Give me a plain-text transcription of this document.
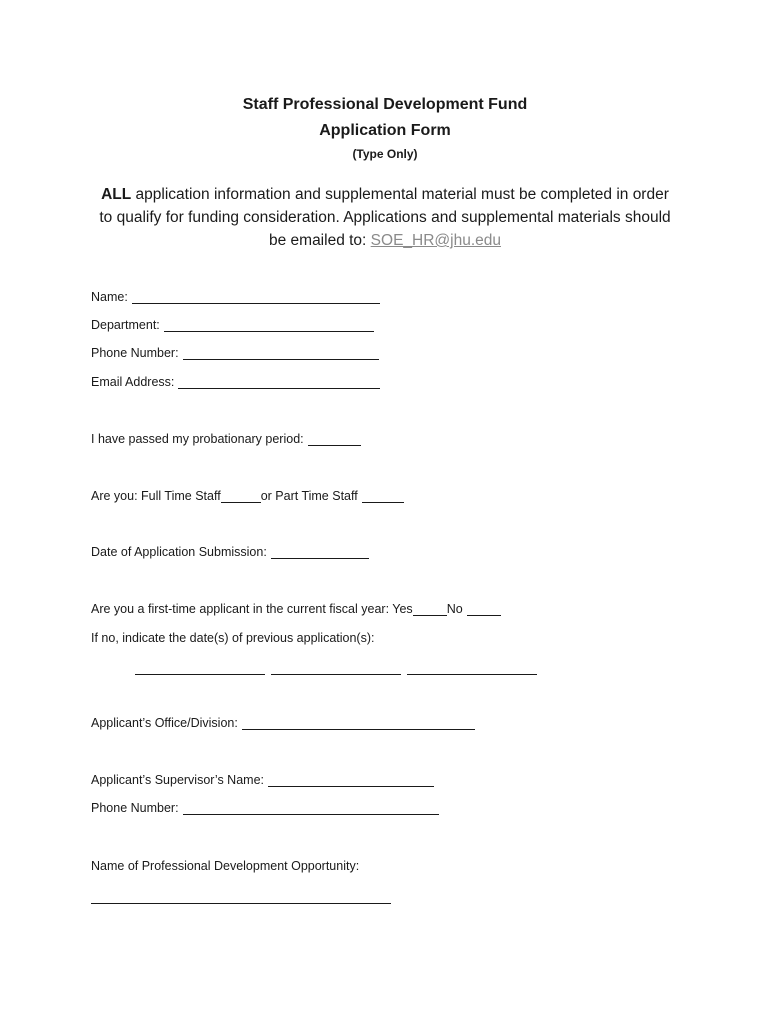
Staff Professional Development Fund
Application Form
(Type Only)
ALL application information and supplemental material must be completed in order to qualify for funding consideration. Applications and supplemental materials should be emailed to: SOE_HR@jhu.edu
Name:
Department:
Phone Number:
Email Address:
I have passed my probationary period:
Are you: Full Time Staff	or Part Time Staff
Date of Application Submission:
Are you a first-time applicant in the current fiscal year: Yes	No
If no, indicate the date(s) of previous application(s):
Applicant’s Office/Division:
Applicant’s Supervisor’s Name:
Phone Number:
Name of Professional Development Opportunity:
